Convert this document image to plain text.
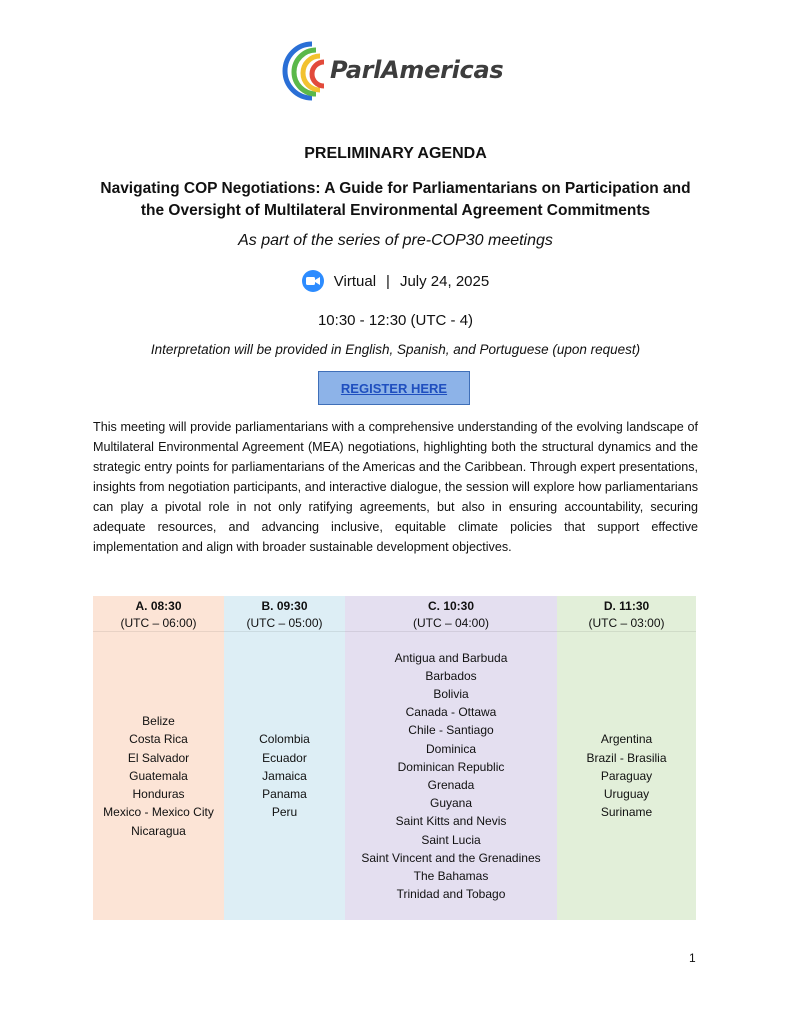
ParlAmericas
PRELIMINARY AGENDA
Navigating COP Negotiations: A Guide for Parliamentarians on Participation and
the Oversight of Multilateral Environmental Agreement Commitments
As part of the series of pre-COP30 meetings
Virtual | July 24, 2025
10:30 - 12:30 (UTC - 4)
Interpretation will be provided in English, Spanish, and Portuguese (upon request)
REGISTER HERE

This meeting will provide parliamentarians with a comprehensive understanding of the evolving landscape of Multilateral Environmental Agreement (MEA) negotiations, highlighting both the structural dynamics and the strategic entry points for parliamentarians of the Americas and the Caribbean. Through expert presentations, insights from negotiation participants, and interactive dialogue, the session will explore how parliamentarians can play a pivotal role in not only ratifying agreements, but also in ensuring accountability, securing adequate resources, and advancing inclusive, equitable climate policies that support effective implementation and align with broader sustainable development objectives.

A. 08:30
(UTC – 06:00)
Belize
Costa Rica
El Salvador
Guatemala
Honduras
Mexico - Mexico City
Nicaragua
B. 09:30
(UTC – 05:00)
Colombia
Ecuador
Jamaica
Panama
Peru
C. 10:30
(UTC – 04:00)
Antigua and Barbuda
Barbados
Bolivia
Canada - Ottawa
Chile - Santiago
Dominica
Dominican Republic
Grenada
Guyana
Saint Kitts and Nevis
Saint Lucia
Saint Vincent and the Grenadines
The Bahamas
Trinidad and Tobago
D. 11:30
(UTC – 03:00)
Argentina
Brazil - Brasilia
Paraguay
Uruguay
Suriname
1
